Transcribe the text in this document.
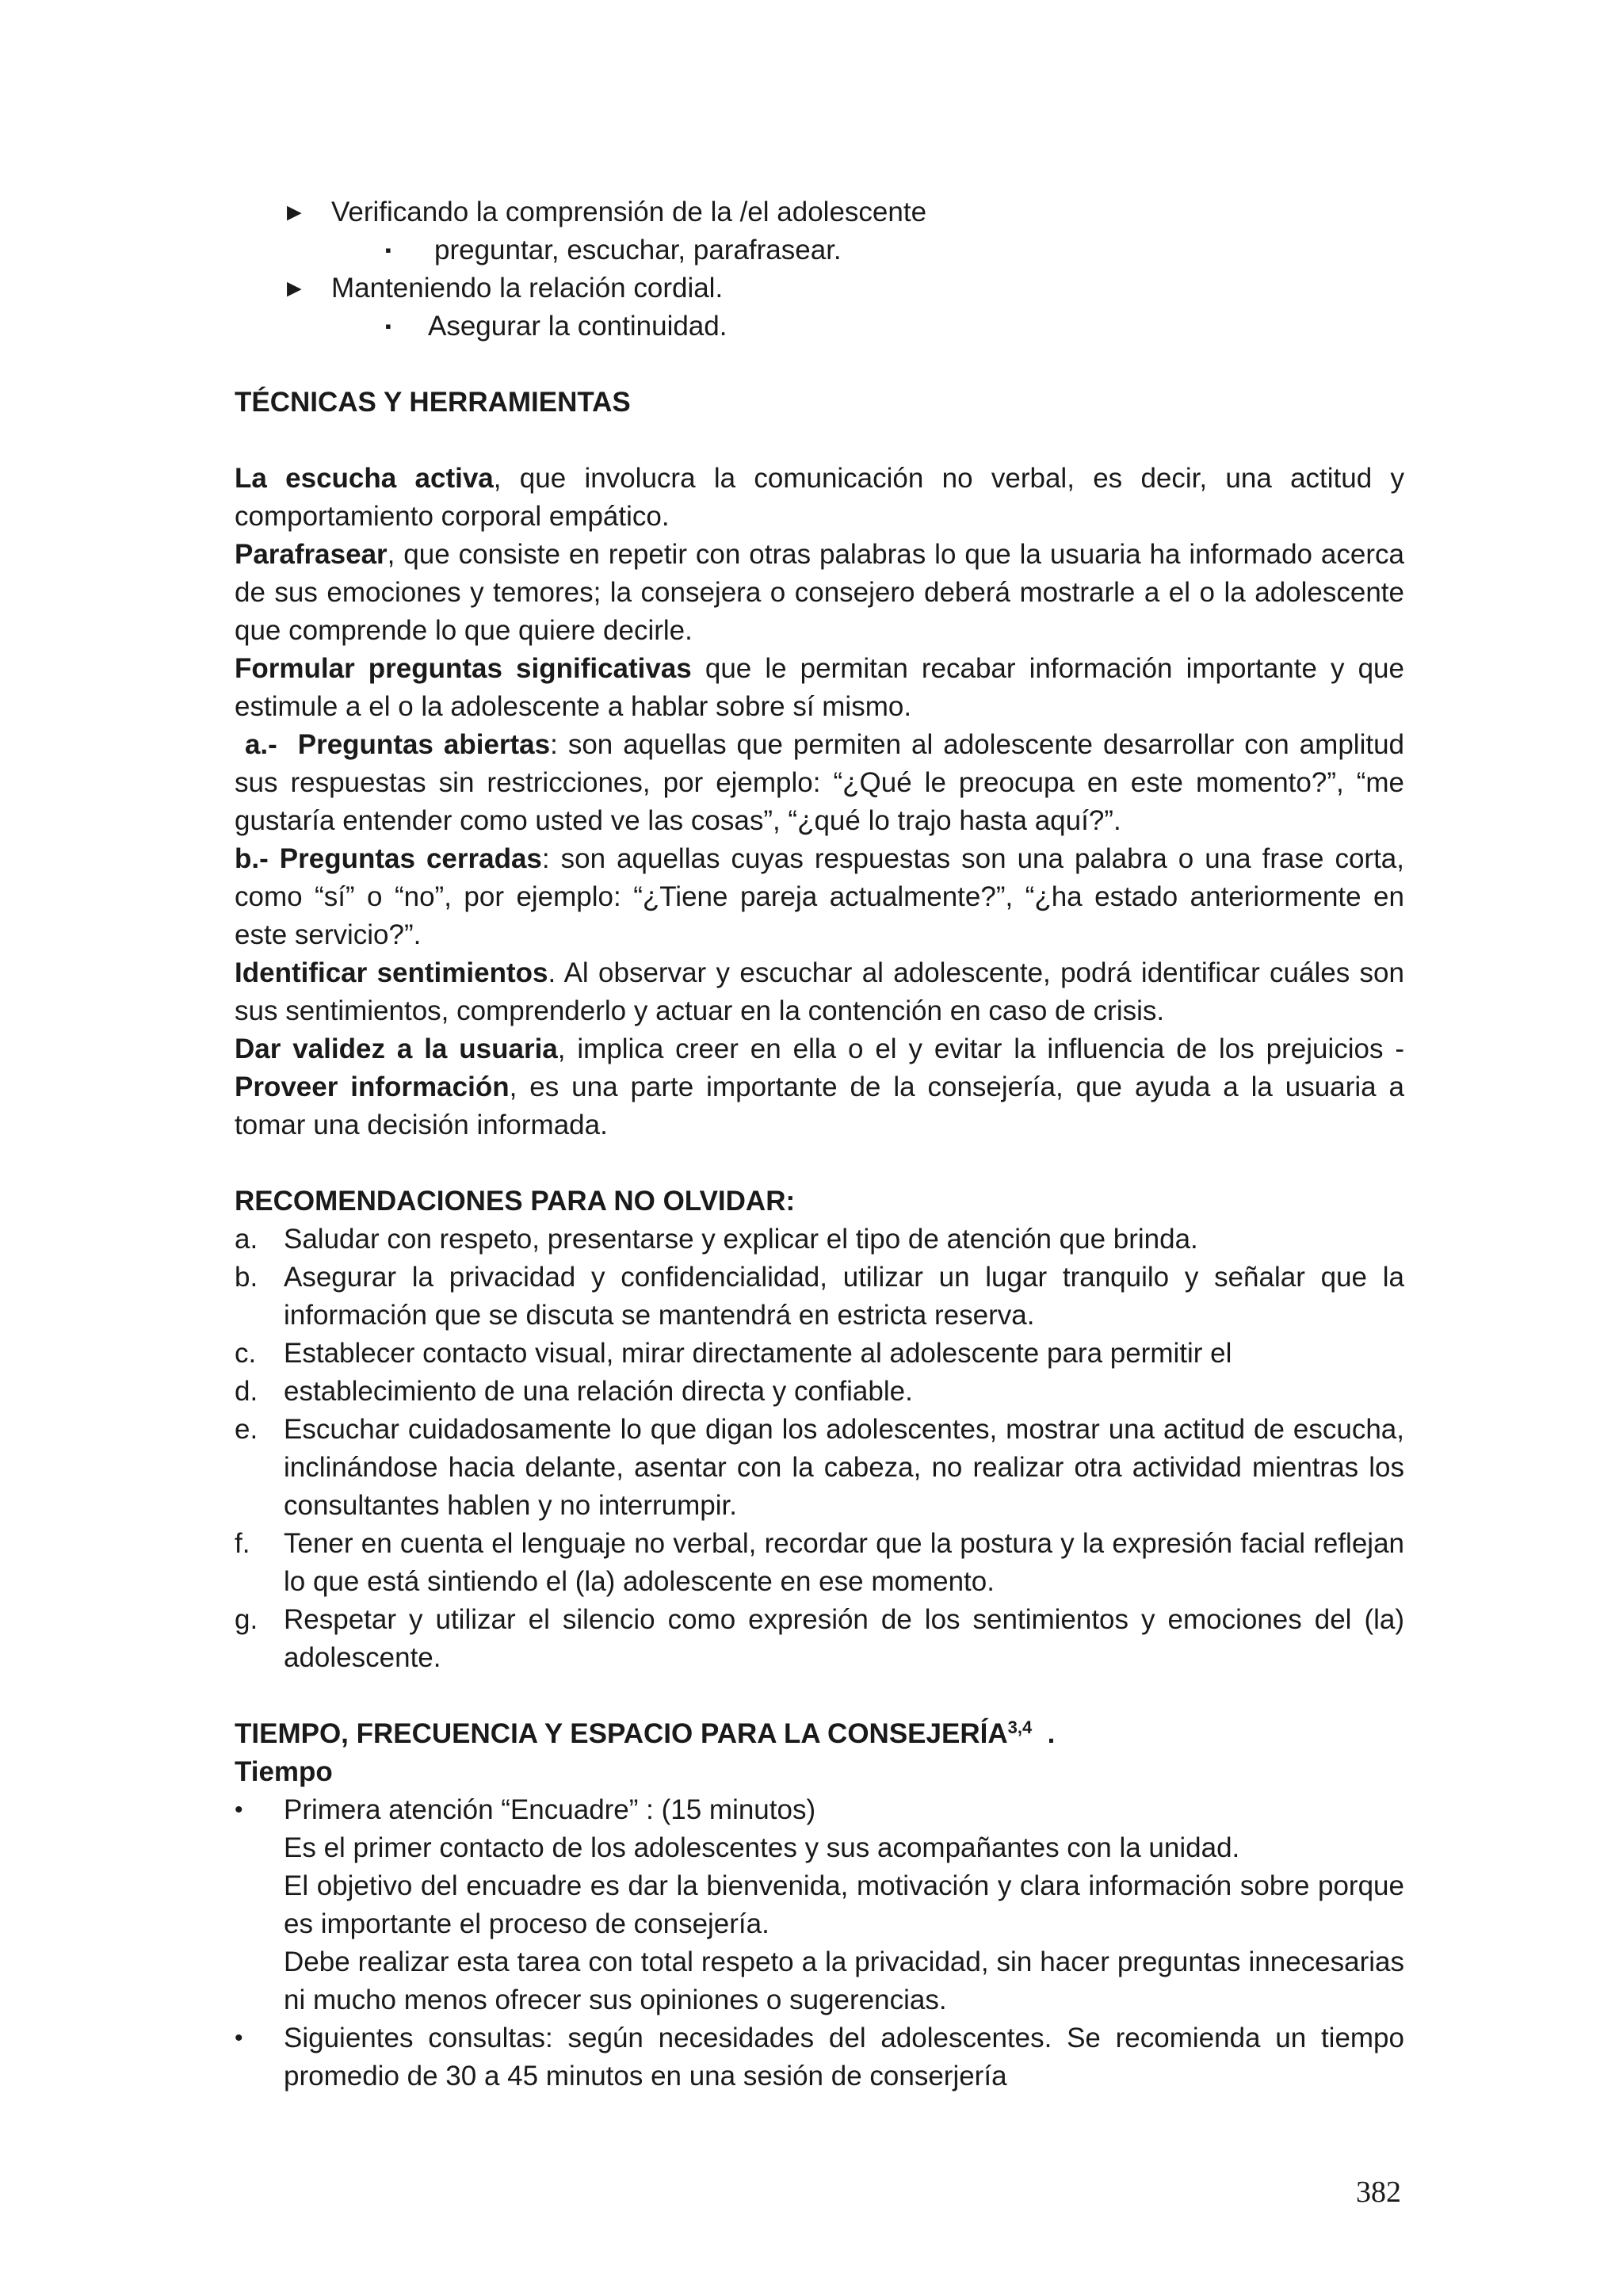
► Verificando la comprensión de la /el adolescente
▪ preguntar, escuchar, parafrasear.
► Manteniendo la relación cordial.
▪ Asegurar la continuidad.

TÉCNICAS Y HERRAMIENTAS

La escucha activa, que involucra la comunicación no verbal, es decir, una actitud y comportamiento corporal empático.

Parafrasear, que consiste en repetir con otras palabras lo que la usuaria ha informado acerca de sus emociones y temores; la consejera o consejero deberá mostrarle a el o la adolescente que comprende lo que quiere decirle.

Formular preguntas significativas que le permitan recabar información importante y que estimule a el o la adolescente a hablar sobre sí mismo.

a.-  Preguntas abiertas: son aquellas que permiten al adolescente desarrollar con amplitud sus respuestas sin restricciones, por ejemplo: “¿Qué le preocupa en este momento?”, “me gustaría entender como usted ve las cosas”, “¿qué lo trajo hasta aquí?”.

b.- Preguntas cerradas: son aquellas cuyas respuestas son una palabra o una frase corta, como “sí” o “no”, por ejemplo: “¿Tiene pareja actualmente?”, “¿ha estado anteriormente en este servicio?”.

Identificar sentimientos. Al observar y escuchar al adolescente, podrá identificar cuáles son sus sentimientos, comprenderlo y actuar en la contención en caso de crisis.

Dar validez a la usuaria, implica creer en ella o el y evitar la influencia de los prejuicios -

Proveer información, es una parte importante de la consejería, que ayuda a la usuaria a tomar una decisión informada.

RECOMENDACIONES PARA NO OLVIDAR:

a. Saludar con respeto, presentarse y explicar el tipo de atención que brinda.
b. Asegurar la privacidad y confidencialidad, utilizar un lugar tranquilo y señalar que la información que se discuta se mantendrá en estricta reserva.
c. Establecer contacto visual, mirar directamente al adolescente para permitir el
d. establecimiento de una relación directa y confiable.
e. Escuchar cuidadosamente lo que digan los adolescentes, mostrar una actitud de escucha, inclinándose hacia delante, asentar con la cabeza, no realizar otra actividad mientras los consultantes hablen y no interrumpir.
f. Tener en cuenta el lenguaje no verbal, recordar que la postura y la expresión facial reflejan lo que está sintiendo el (la) adolescente en ese momento.
g. Respetar y utilizar el silencio como expresión de los sentimientos y emociones del (la) adolescente.

TIEMPO, FRECUENCIA Y ESPACIO PARA LA CONSEJERÍA$^{3,4}$  .

Tiempo

• Primera atención “Encuadre” : (15 minutos)

Es el primer contacto de los adolescentes y sus acompañantes con la unidad.

El objetivo del encuadre es dar la bienvenida, motivación y clara información sobre porque es importante el proceso de consejería.

Debe realizar esta tarea con total respeto a la privacidad, sin hacer preguntas innecesarias ni mucho menos ofrecer sus opiniones o sugerencias.

• Siguientes consultas: según necesidades del adolescentes. Se recomienda un tiempo promedio de 30 a 45 minutos en una sesión de conserjería

382
